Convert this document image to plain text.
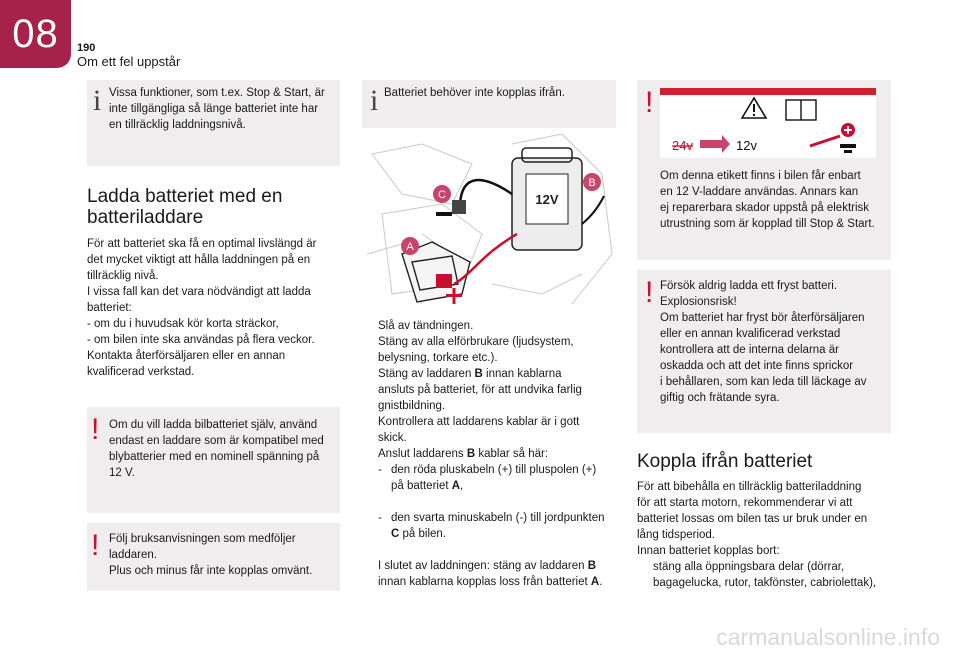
08	190
Om ett fel uppstår
i Vissa funktioner, som t.ex. Stop & Start, är
inte tillgängliga så länge batteriet inte har
en tillräcklig laddningsnivå.
Ladda batteriet med en
batteriladdare
För att batteriet ska få en optimal livslängd är
det mycket viktigt att hålla laddningen på en
tillräcklig nivå.
I vissa fall kan det vara nödvändigt att ladda
batteriet:
- om du i huvudsak kör korta sträckor,
- om bilen inte ska användas på flera veckor.
Kontakta återförsäljaren eller en annan
kvalificerad verkstad.
! Om du vill ladda bilbatteriet själv, använd
endast en laddare som är kompatibel med
blybatterier med en nominell spänning på
12 V.
! Följ bruksanvisningen som medföljer
laddaren.
Plus och minus får inte kopplas omvänt.
i Batteriet behöver inte kopplas ifrån.
12V
C
B
A
Slå av tändningen.
Stäng av alla elförbrukare (ljudsystem,
belysning, torkare etc.).
Stäng av laddaren B innan kablarna
ansluts på batteriet, för att undvika farlig
gnistbildning.
Kontrollera att laddarens kablar är i gott
skick.
Anslut laddarens B kablar så här:

- den röda pluskabeln (+) till pluspolen (+)
på batteriet A,

- den svarta minuskabeln (-) till jordpunkten
C på bilen.

I slutet av laddningen: stäng av laddaren B
innan kablarna kopplas loss från batteriet A.
!
24v	12v
Om denna etikett finns i bilen får enbart
en 12 V-laddare användas. Annars kan
ej reparerbara skador uppstå på elektrisk
utrustning som är kopplad till Stop & Start.
! Försök aldrig ladda ett fryst batteri.
Explosionsrisk!
Om batteriet har fryst bör återförsäljaren
eller en annan kvalificerad verkstad
kontrollera att de interna delarna är
oskadda och att det inte finns sprickor
i behållaren, som kan leda till läckage av
giftig och frätande syra.
Koppla ifrån batteriet
För att bibehålla en tillräcklig batteriladdning
för att starta motorn, rekommenderar vi att
batteriet lossas om bilen tas ur bruk under en
lång tidsperiod.
Innan batteriet kopplas bort:
stäng alla öppningsbara delar (dörrar,
bagagelucka, rutor, takfönster, cabriolettak),
carmanualsonline.info
